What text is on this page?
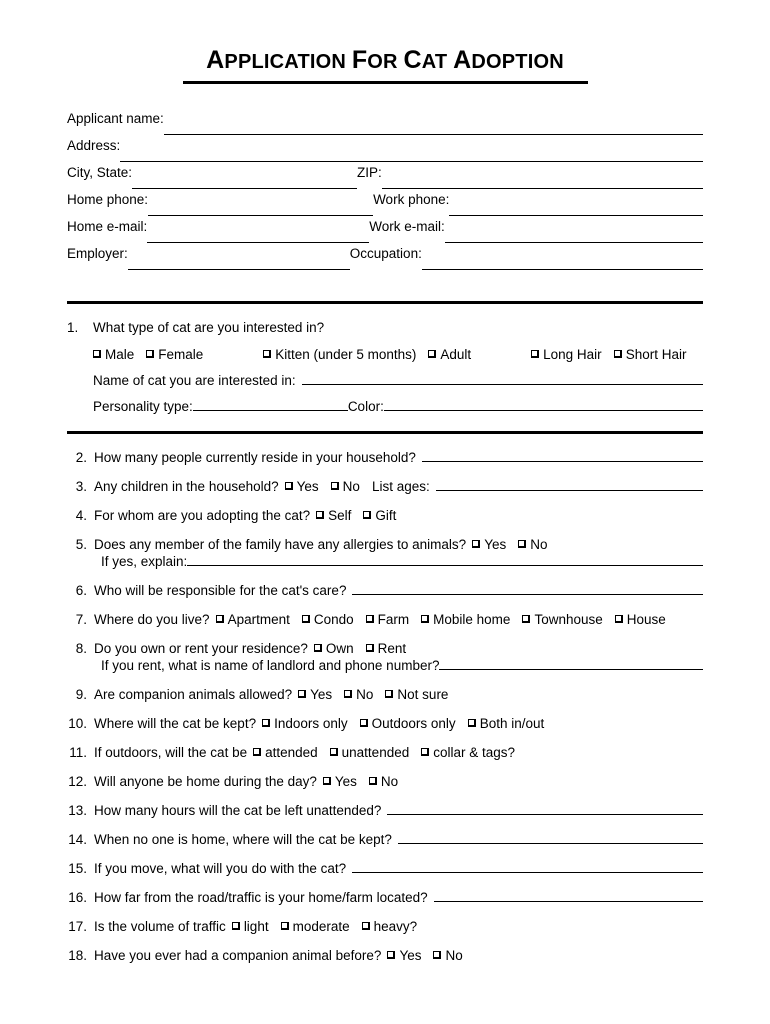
APPLICATION FOR CAT ADOPTION
Applicant name:
Address:
City, State:	ZIP:
Home phone:	Work phone:
Home e-mail:	Work e-mail:
Employer:	Occupation:
1.	What type of cat are you interested in?
Male Female	Kitten (under 5 months) Adult	Long Hair Short Hair
Name of cat you are interested in:
Personality type:	Color:
2. How many people currently reside in your household?
3. Any children in the household? Yes No List ages:
4. For whom are you adopting the cat? Self Gift
5. Does any member of the family have any allergies to animals? Yes No
If yes, explain:
6. Who will be responsible for the cat's care?
7. Where do you live? Apartment Condo Farm Mobile home Townhouse House
8. Do you own or rent your residence? Own Rent
If you rent, what is name of landlord and phone number?
9. Are companion animals allowed? Yes No Not sure
10. Where will the cat be kept? Indoors only Outdoors only Both in/out
11. If outdoors, will the cat be attended unattended collar & tags?
12. Will anyone be home during the day? Yes No
13. How many hours will the cat be left unattended?
14. When no one is home, where will the cat be kept?
15. If you move, what will you do with the cat?
16. How far from the road/traffic is your home/farm located?
17. Is the volume of traffic light moderate heavy?
18. Have you ever had a companion animal before? Yes No
